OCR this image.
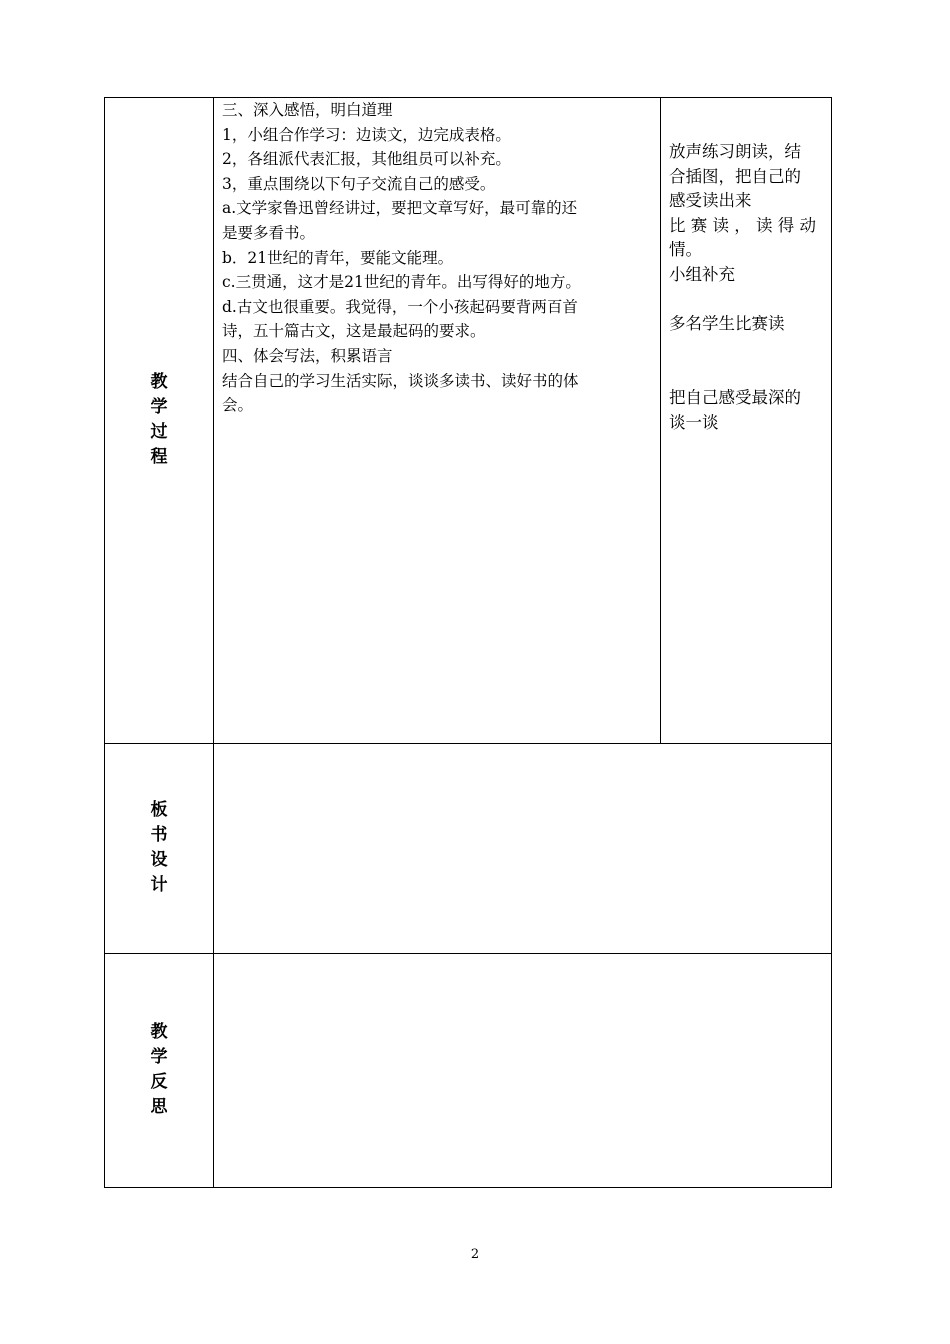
教
学
过
程
三、深入感悟，明白道理
1，小组合作学习：边读文，边完成表格。
2，各组派代表汇报，其他组员可以补充。
3，重点围绕以下句子交流自己的感受。
a.文学家鲁迅曾经讲过，要把文章写好，最可靠的还
是要多看书。
b．21世纪的青年，要能文能理。
c.三贯通，这才是21世纪的青年。出写得好的地方。
d.古文也很重要。我觉得，一个小孩起码要背两百首
诗，五十篇古文，这是最起码的要求。
四、体会写法，积累语言
结合自己的学习生活实际，谈谈多读书、读好书的体
会。
放声练习朗读，结
合插图，把自己的
感受读出来
比 赛 读 ， 读 得 动
情。
小组补充

多名学生比赛读

把自己感受最深的
谈一谈
板
书
设
计
教
学
反
思
2
